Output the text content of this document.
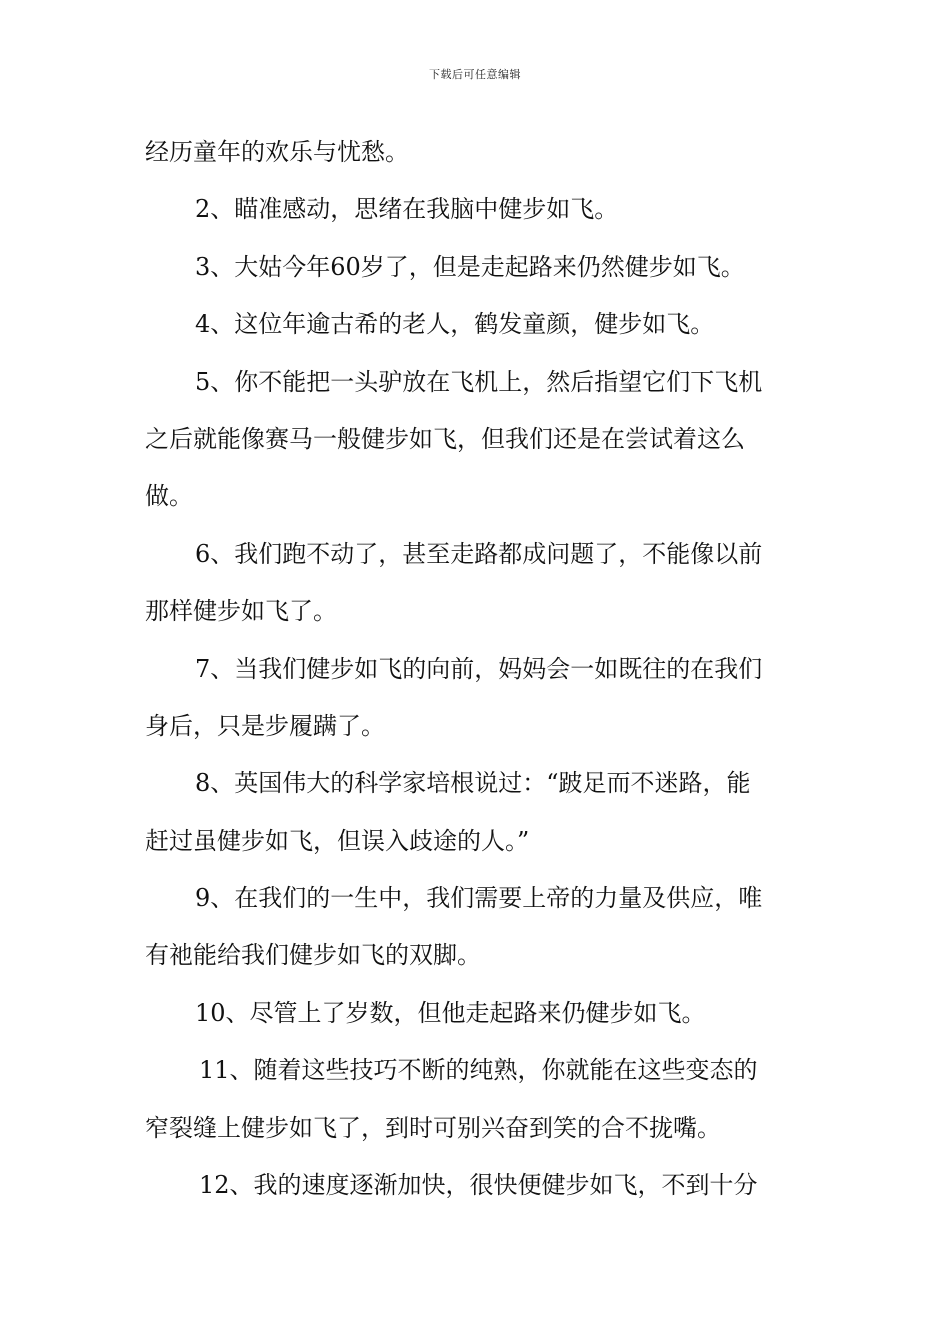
下载后可任意编辑
经历童年的欢乐与忧愁。
2、瞄准感动，思绪在我脑中健步如飞。
3、大姑今年60岁了，但是走起路来仍然健步如飞。
4、这位年逾古希的老人，鹤发童颜，健步如飞。
5、你不能把一头驴放在飞机上，然后指望它们下飞机
之后就能像赛马一般健步如飞，但我们还是在尝试着这么
做。
6、我们跑不动了，甚至走路都成问题了，不能像以前
那样健步如飞了。
7、当我们健步如飞的向前，妈妈会一如既往的在我们
身后，只是步履蹒了。
8、英国伟大的科学家培根说过：“跛足而不迷路，能
赶过虽健步如飞，但误入歧途的人。”
9、在我们的一生中，我们需要上帝的力量及供应，唯
有祂能给我们健步如飞的双脚。
10、尽管上了岁数，但他走起路来仍健步如飞。
11、随着这些技巧不断的纯熟，你就能在这些变态的
窄裂缝上健步如飞了，到时可别兴奋到笑的合不拢嘴。
12、我的速度逐渐加快，很快便健步如飞，不到十分
